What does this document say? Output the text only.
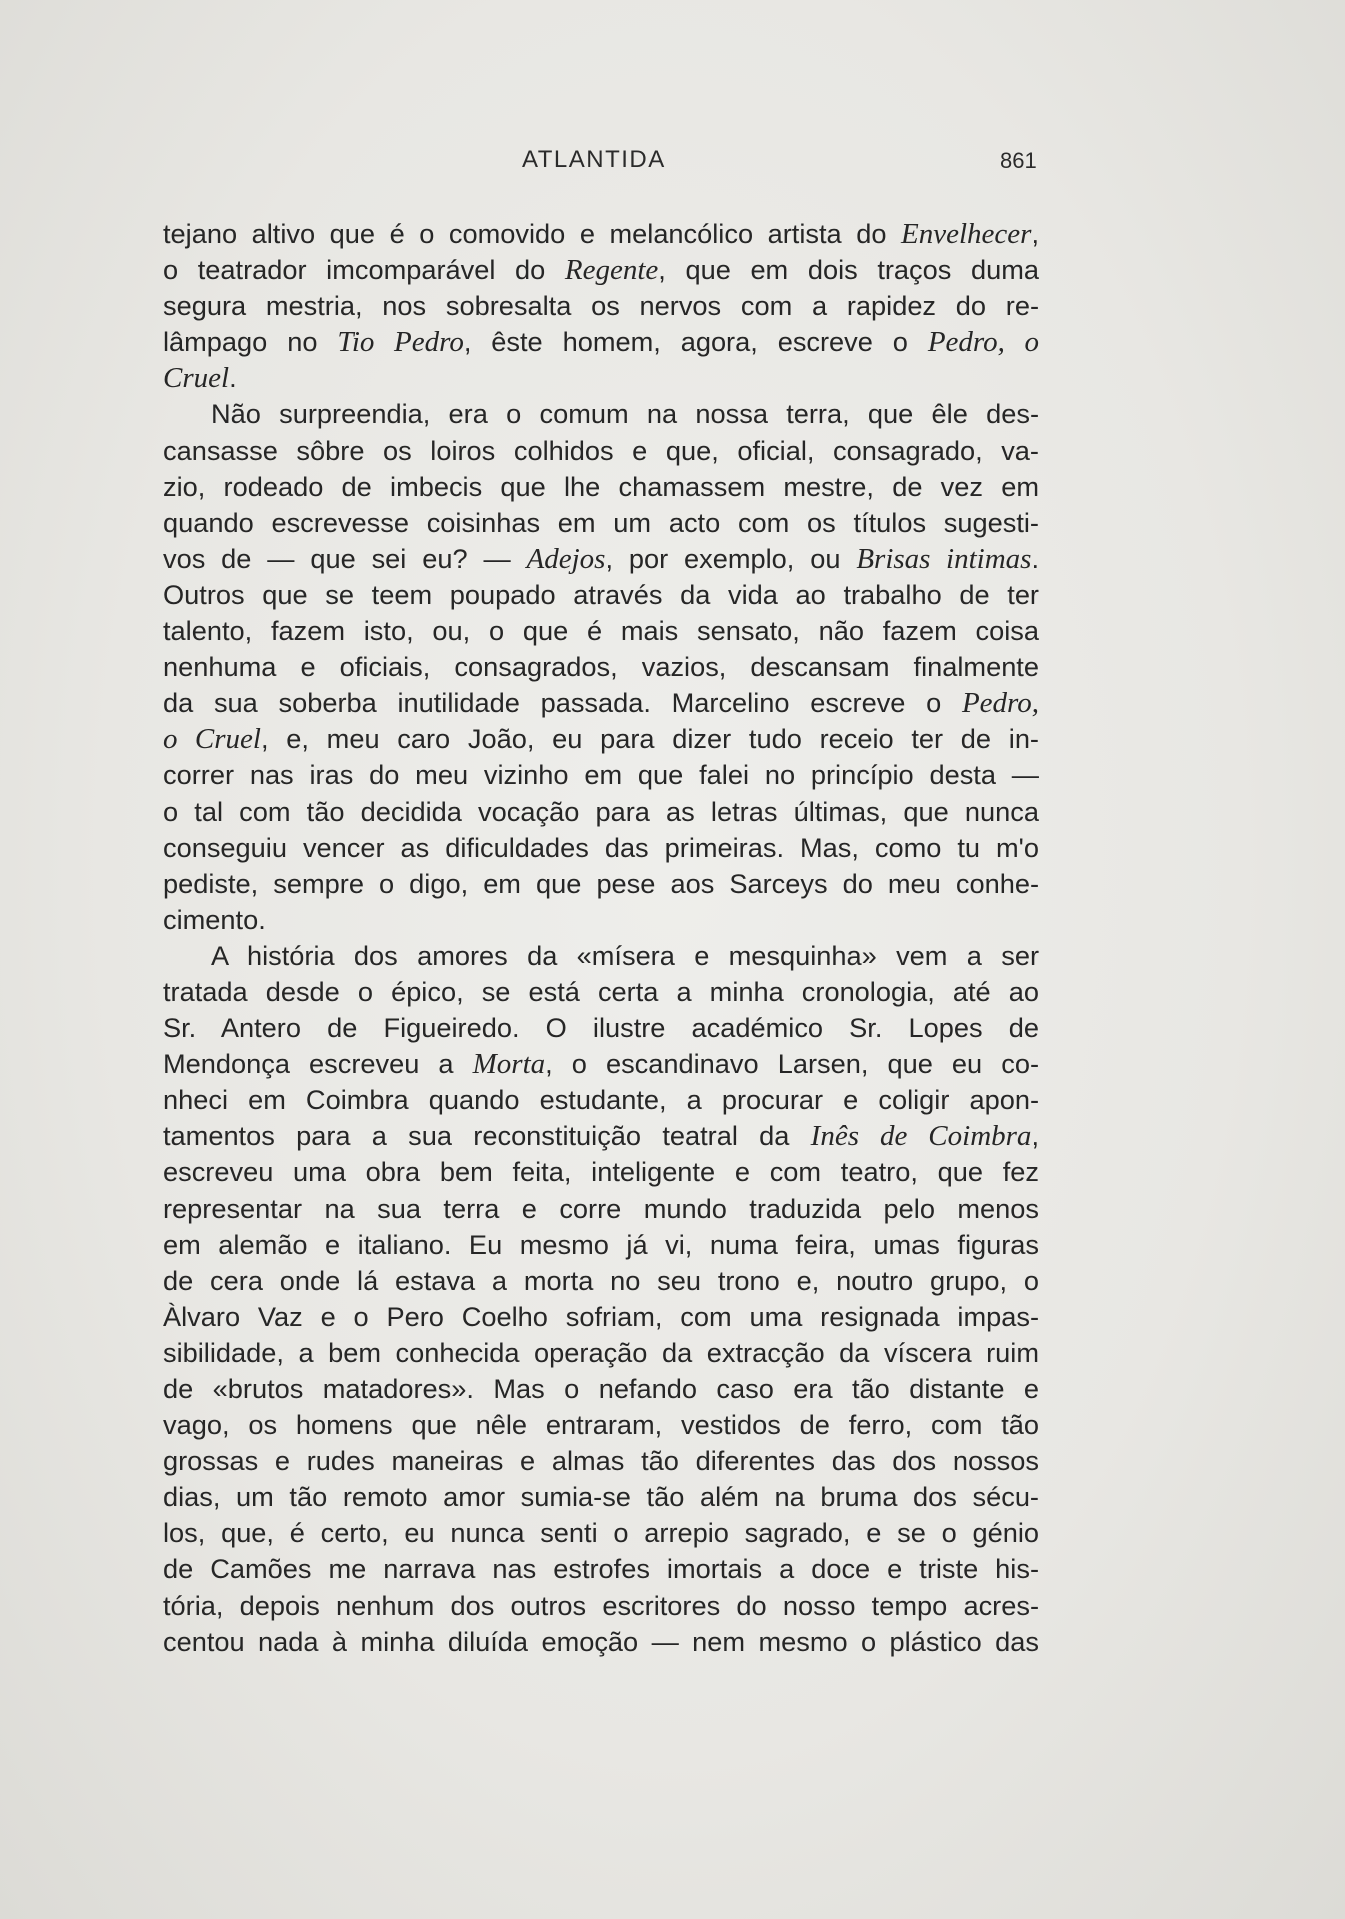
ATLANTIDA	861
tejano altivo que é o comovido e melancólico artista do Envelhecer,
o teatrador imcomparável do Regente, que em dois traços duma
segura mestria, nos sobresalta os nervos com a rapidez do re-
lâmpago no Tio Pedro, êste homem, agora, escreve o Pedro, o
Cruel.
Não surpreendia, era o comum na nossa terra, que êle des-
cansasse sôbre os loiros colhidos e que, oficial, consagrado, va-
zio, rodeado de imbecis que lhe chamassem mestre, de vez em
quando escrevesse coisinhas em um acto com os títulos sugesti-
vos de — que sei eu? — Adejos, por exemplo, ou Brisas intimas.
Outros que se teem poupado através da vida ao trabalho de ter
talento, fazem isto, ou, o que é mais sensato, não fazem coisa
nenhuma e oficiais, consagrados, vazios, descansam finalmente
da sua soberba inutilidade passada. Marcelino escreve o Pedro,
o Cruel, e, meu caro João, eu para dizer tudo receio ter de in-
correr nas iras do meu vizinho em que falei no princípio desta —
o tal com tão decidida vocação para as letras últimas, que nunca
conseguiu vencer as dificuldades das primeiras. Mas, como tu m'o
pediste, sempre o digo, em que pese aos Sarceys do meu conhe-
cimento.
A história dos amores da «mísera e mesquinha» vem a ser
tratada desde o épico, se está certa a minha cronologia, até ao
Sr. Antero de Figueiredo. O ilustre académico Sr. Lopes de
Mendonça escreveu a Morta, o escandinavo Larsen, que eu co-
nheci em Coimbra quando estudante, a procurar e coligir apon-
tamentos para a sua reconstituição teatral da Inês de Coimbra,
escreveu uma obra bem feita, inteligente e com teatro, que fez
representar na sua terra e corre mundo traduzida pelo menos
em alemão e italiano. Eu mesmo já vi, numa feira, umas figuras
de cera onde lá estava a morta no seu trono e, noutro grupo, o
Àlvaro Vaz e o Pero Coelho sofriam, com uma resignada impas-
sibilidade, a bem conhecida operação da extracção da víscera ruim
de «brutos matadores». Mas o nefando caso era tão distante e
vago, os homens que nêle entraram, vestidos de ferro, com tão
grossas e rudes maneiras e almas tão diferentes das dos nossos
dias, um tão remoto amor sumia-se tão além na bruma dos sécu-
los, que, é certo, eu nunca senti o arrepio sagrado, e se o génio
de Camões me narrava nas estrofes imortais a doce e triste his-
tória, depois nenhum dos outros escritores do nosso tempo acres-
centou nada à minha diluída emoção — nem mesmo o plástico das
